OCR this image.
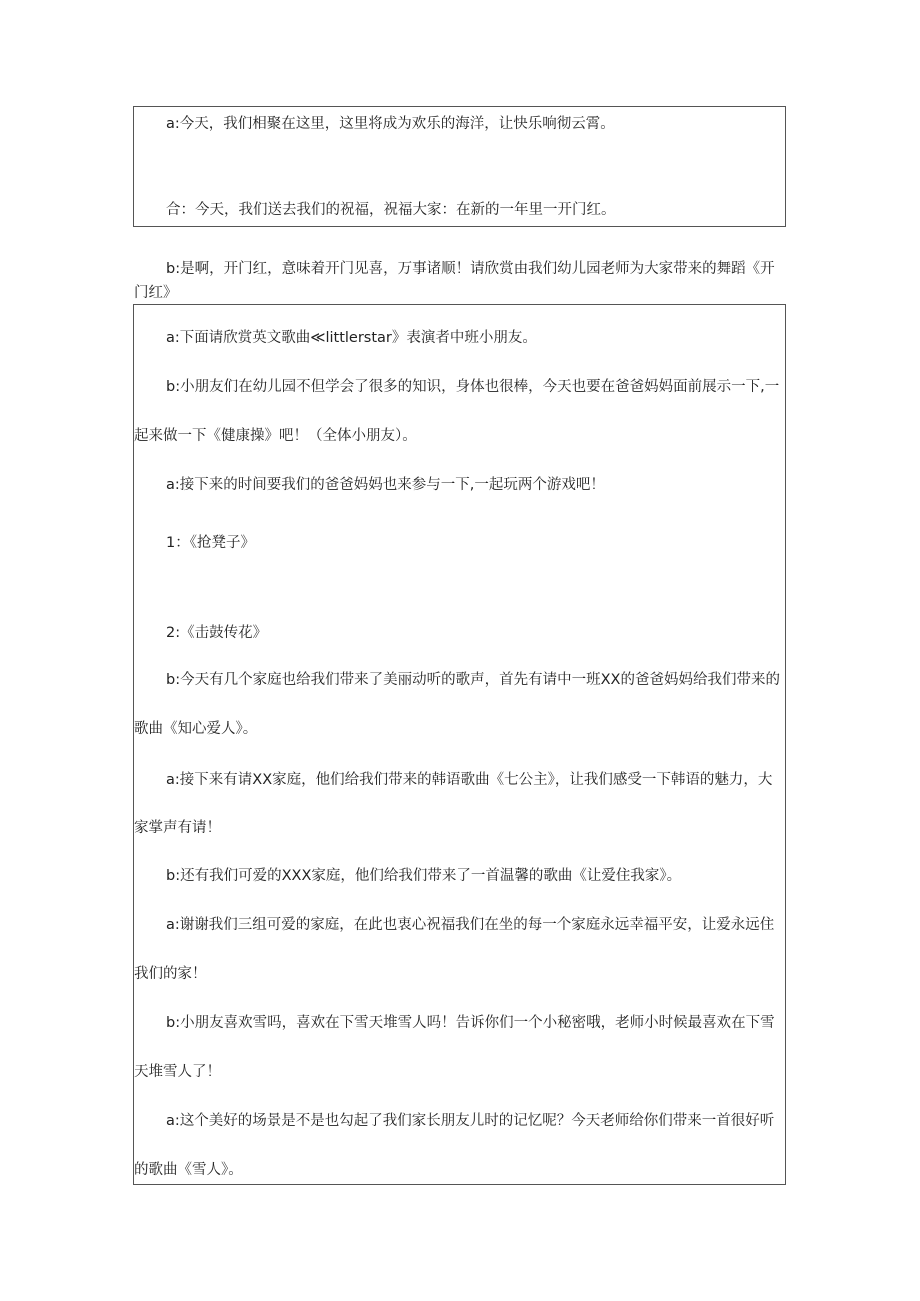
a:今天，我们相聚在这里，这里将成为欢乐的海洋，让快乐响彻云霄。
合：今天，我们送去我们的祝福，祝福大家：在新的一年里一开门红。
b:是啊，开门红，意味着开门见喜，万事诸顺！请欣赏由我们幼儿园老师为大家带来的舞蹈《开
门红》
a:下面请欣赏英文歌曲≪littlerstar》表演者中班小朋友。
b:小朋友们在幼儿园不但学会了很多的知识，身体也很棒，今天也要在爸爸妈妈面前展示一下,一
起来做一下《健康操》吧！（全体小朋友）。
a:接下来的时间要我们的爸爸妈妈也来参与一下,一起玩两个游戏吧！
1：《抢凳子》
2:《击鼓传花》
b:今天有几个家庭也给我们带来了美丽动听的歌声，首先有请中一班XX的爸爸妈妈给我们带来的
歌曲《知心爱人》。
a:接下来有请XX家庭，他们给我们带来的韩语歌曲《七公主》，让我们感受一下韩语的魅力，大
家掌声有请！
b:还有我们可爱的XXX家庭，他们给我们带来了一首温馨的歌曲《让爱住我家》。
a:谢谢我们三组可爱的家庭，在此也衷心祝福我们在坐的每一个家庭永远幸福平安，让爱永远住
我们的家！
b:小朋友喜欢雪吗，喜欢在下雪天堆雪人吗！告诉你们一个小秘密哦，老师小时候最喜欢在下雪
天堆雪人了！
a:这个美好的场景是不是也勾起了我们家长朋友儿时的记忆呢？今天老师给你们带来一首很好听
的歌曲《雪人》。
